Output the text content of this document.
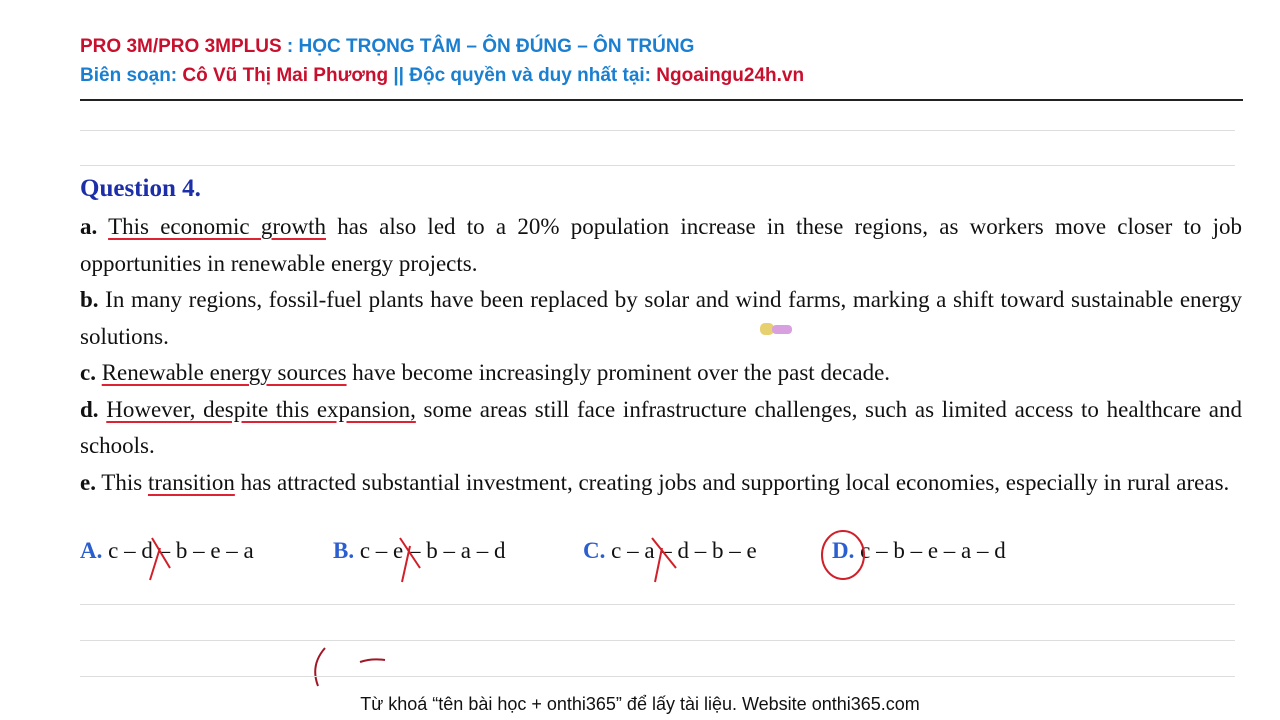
PRO 3M/PRO 3MPLUS : HỌC TRỌNG TÂM – ÔN ĐÚNG – ÔN TRÚNG
Biên soạn: Cô Vũ Thị Mai Phương || Độc quyền và duy nhất tại: Ngoaingu24h.vn
Question 4.

a. This economic growth has also led to a 20% population increase in these regions, as workers move closer to job opportunities in renewable energy projects.

b. In many regions, fossil-fuel plants have been replaced by solar and wind farms, marking a shift toward sustainable energy solutions.

c. Renewable energy sources have become increasingly prominent over the past decade.

d. However, despite this expansion, some areas still face infrastructure challenges, such as limited access to healthcare and schools.

e. This transition has attracted substantial investment, creating jobs and supporting local economies, especially in rural areas.

A. c – d – b – e – a	B. c – e – b – a – d	C. c – a – d – b – e	D. c – b – e – a – d
Từ khoá “tên bài học + onthi365” để lấy tài liệu. Website onthi365.com
